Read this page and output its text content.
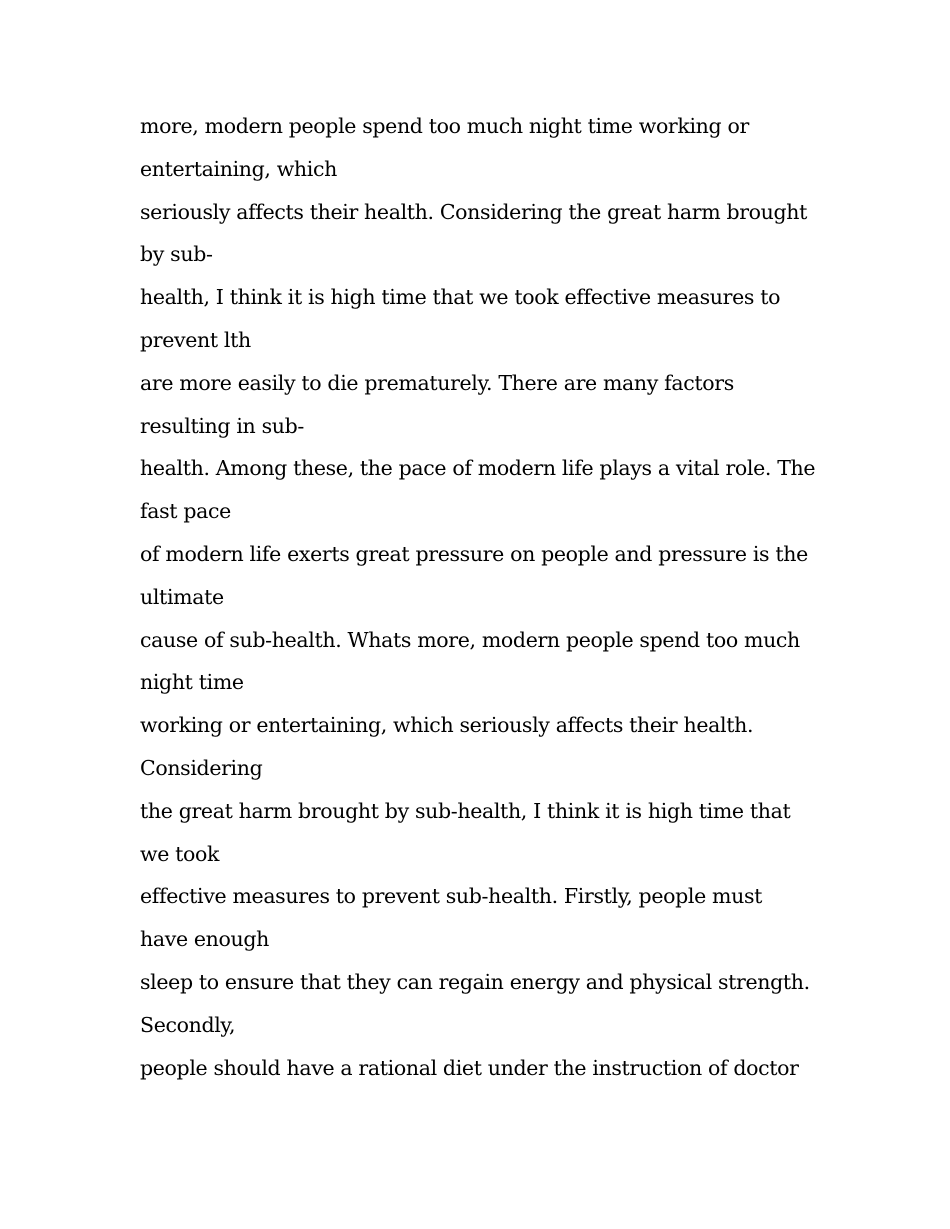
more, modern people spend too much night time working or
entertaining, which
seriously affects their health. Considering the great harm brought
by sub-
health, I think it is high time that we took effective measures to
prevent lth
are more easily to die prematurely. There are many factors
resulting in sub-
health. Among these, the pace of modern life plays a vital role. The
fast pace
of modern life exerts great pressure on people and pressure is the
ultimate
cause of sub-health. Whats more, modern people spend too much
night time
working or entertaining, which seriously affects their health.
Considering
the great harm brought by sub-health, I think it is high time that
we took
effective measures to prevent sub-health. Firstly, people must
have enough
sleep to ensure that they can regain energy and physical strength.
Secondly,
people should have a rational diet under the instruction of doctor
